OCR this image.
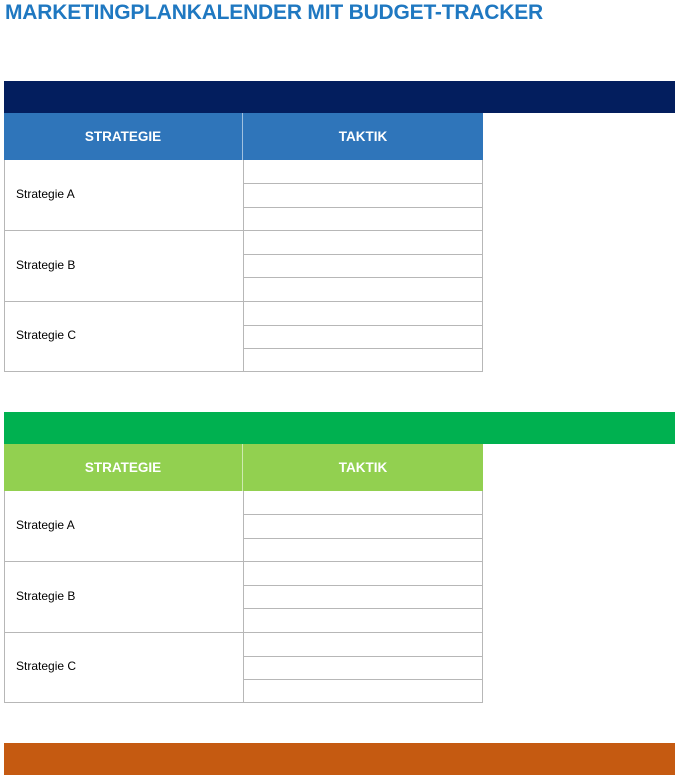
MARKETINGPLANKALENDER MIT BUDGET-TRACKER
STRATEGIE	TAKTIK
Strategie A
Strategie B
Strategie C
STRATEGIE	TAKTIK
Strategie A
Strategie B
Strategie C
